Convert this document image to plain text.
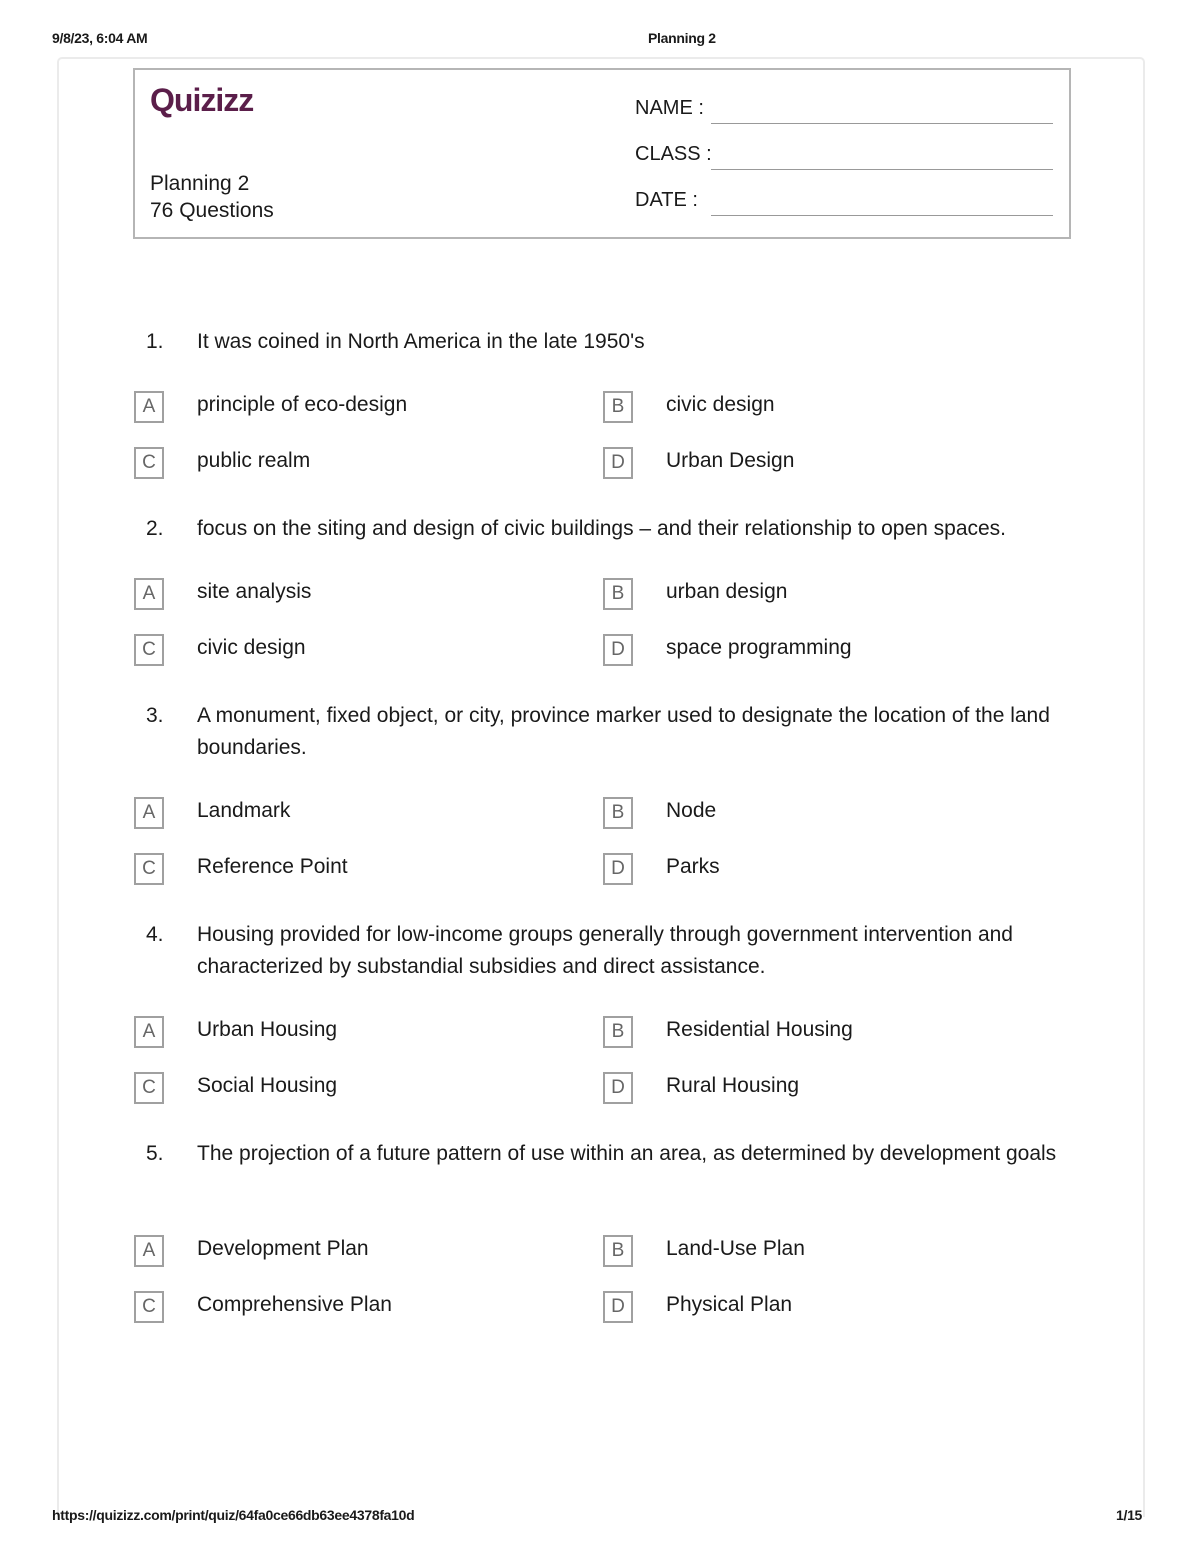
9/8/23, 6:04 AM	Planning 2
Quizizz
Planning 2
76 Questions
NAME :
CLASS :
DATE :
1. It was coined in North America in the late 1950's
A	principle of eco-design	B	civic design
C	public realm	D	Urban Design
2. focus on the siting and design of civic buildings – and their relationship to open spaces.
A	site analysis	B	urban design
C	civic design	D	space programming
3. A monument, fixed object, or city, province marker used to designate the location of the land boundaries.
A	Landmark	B	Node
C	Reference Point	D	Parks
4. Housing provided for low-income groups generally through government intervention and characterized by substandial subsidies and direct assistance.
A	Urban Housing	B	Residential Housing
C	Social Housing	D	Rural Housing
5. The projection of a future pattern of use within an area, as determined by development goals
A	Development Plan	B	Land-Use Plan
C	Comprehensive Plan	D	Physical Plan
https://quizizz.com/print/quiz/64fa0ce66db63ee4378fa10d	1/15
